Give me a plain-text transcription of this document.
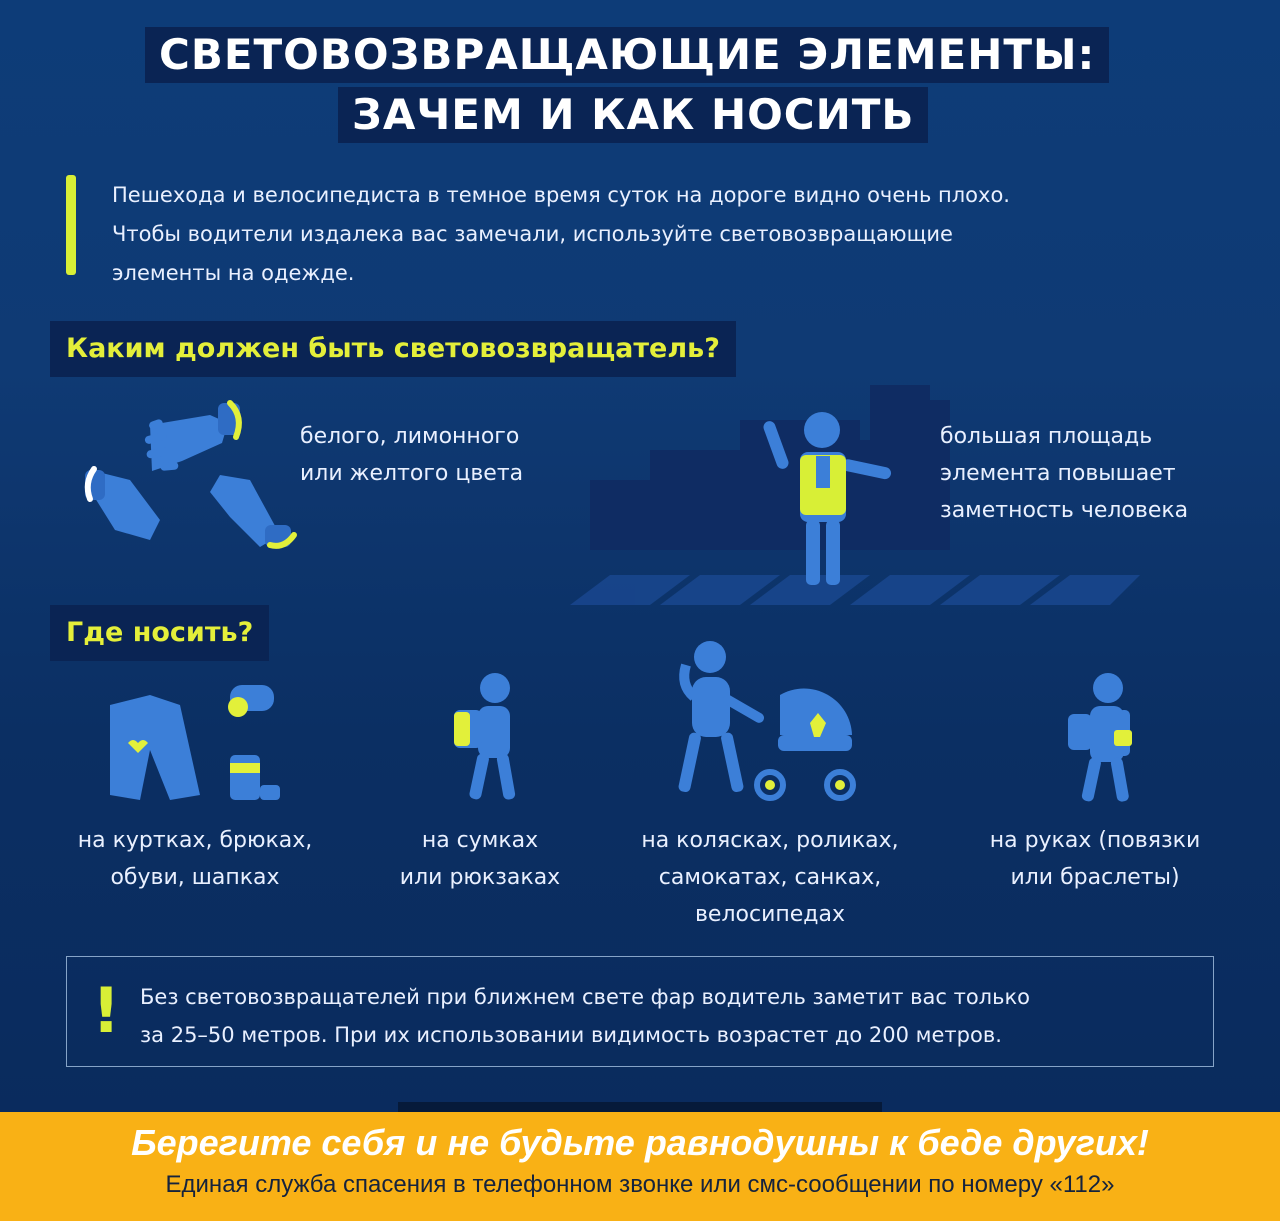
СВЕТОВОЗВРАЩАЮЩИЕ ЭЛЕМЕНТЫ:
ЗАЧЕМ И КАК НОСИТЬ
Пешехода и велосипедиста в темное время суток на дороге видно очень плохо.
Чтобы водители издалека вас замечали, используйте световозвращающие
элементы на одежде.
Каким должен быть световозвращатель?
белого, лимонного
или желтого цвета
большая площадь
элемента повышает
заметность человека
Где носить?
на куртках, брюках,
обуви, шапках
на сумках
или рюкзаках
на колясках, роликах,
самокатах, санках,
велосипедах
на руках (повязки
или браслеты)
! Без световозвращателей при ближнем свете фар водитель заметит вас только
за 25–50 метров. При их использовании видимость возрастет до 200 метров.
Берегите себя и не будьте равнодушны к беде других!
Единая служба спасения в телефонном звонке или смс-сообщении по номеру «112»
